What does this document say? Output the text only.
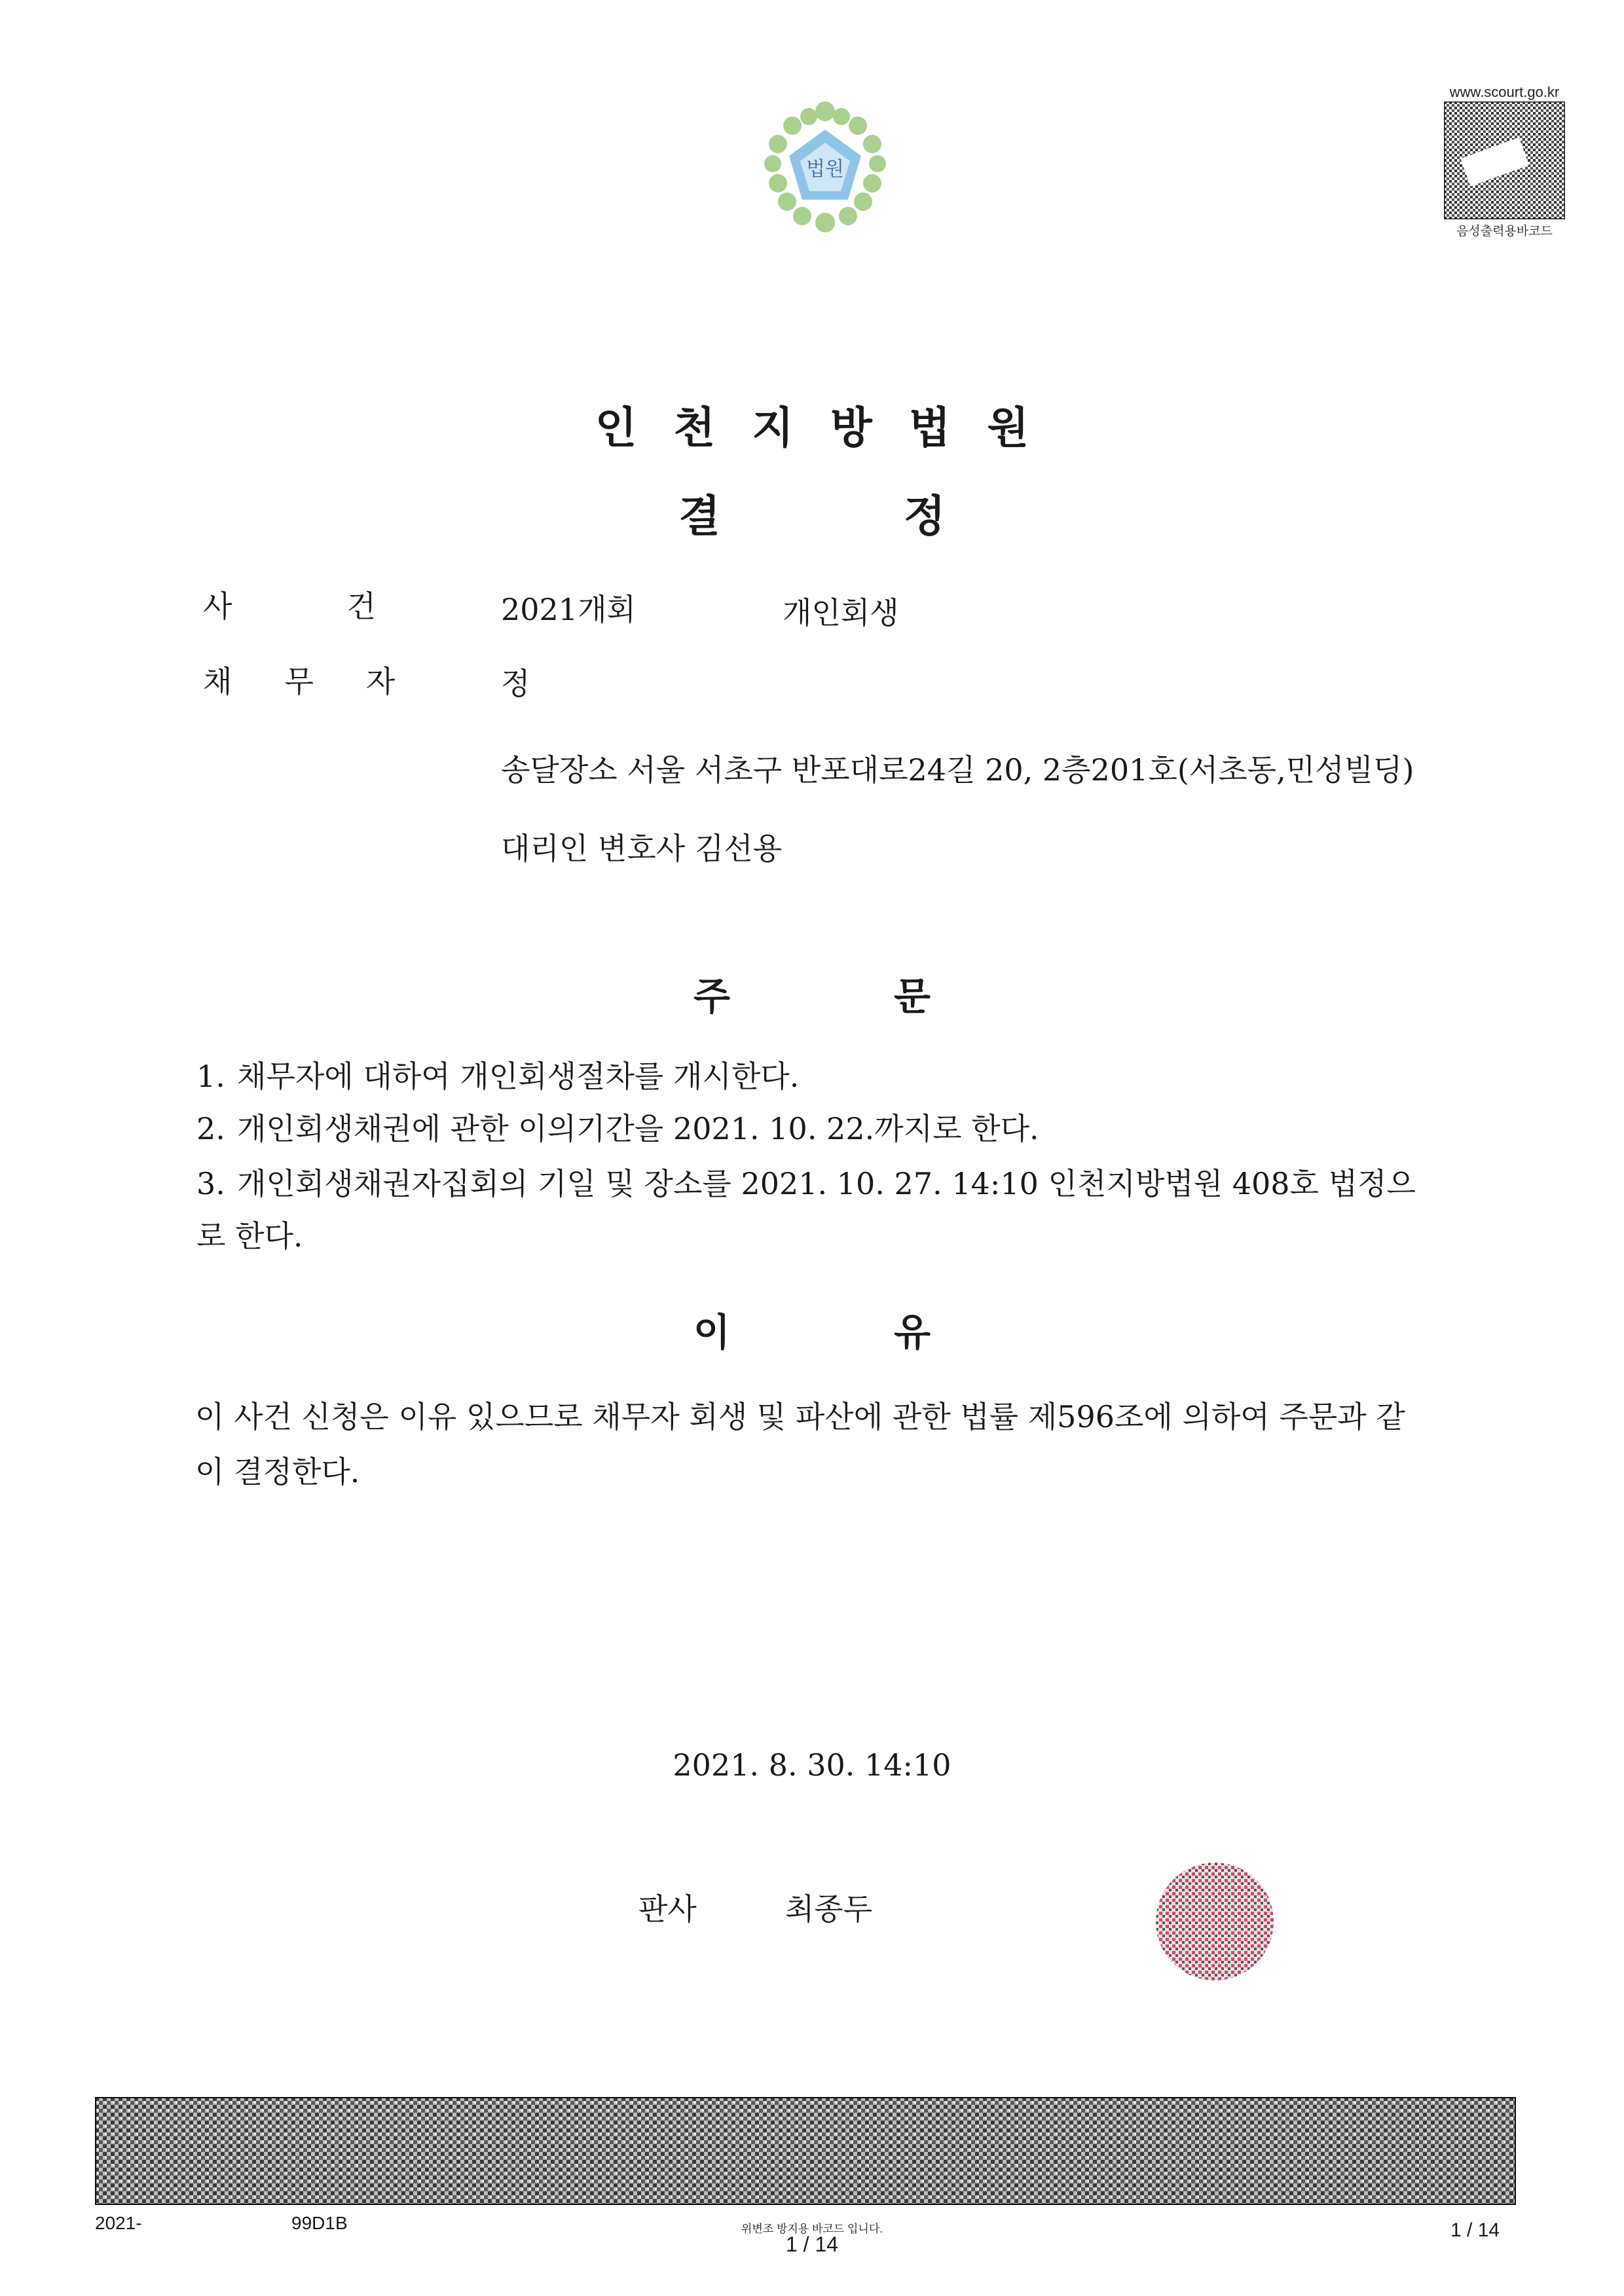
법원
www.scourt.go.kr
음성출력용바코드
인 천 지 방 법 원
결	정
사	건	2021개회	개인회생
채 무 자	정
송달장소 서울 서초구 반포대로24길 20, 2층201호(서초동,민성빌딩)
대리인 변호사 김선용
주	문
1. 채무자에 대하여 개인회생절차를 개시한다.
2. 개인회생채권에 관한 이의기간을 2021. 10. 22.까지로 한다.
3. 개인회생채권자집회의 기일 및 장소를 2021. 10. 27. 14:10 인천지방법원 408호 법정으로 한다.
이	유
이 사건 신청은 이유 있으므로 채무자 회생 및 파산에 관한 법률 제596조에 의하여 주문과 같이 결정한다.
2021. 8. 30. 14:10
판사	최종두
2021-	99D1B	위변조 방지용 바코드 입니다.
1 / 14
1 / 14
